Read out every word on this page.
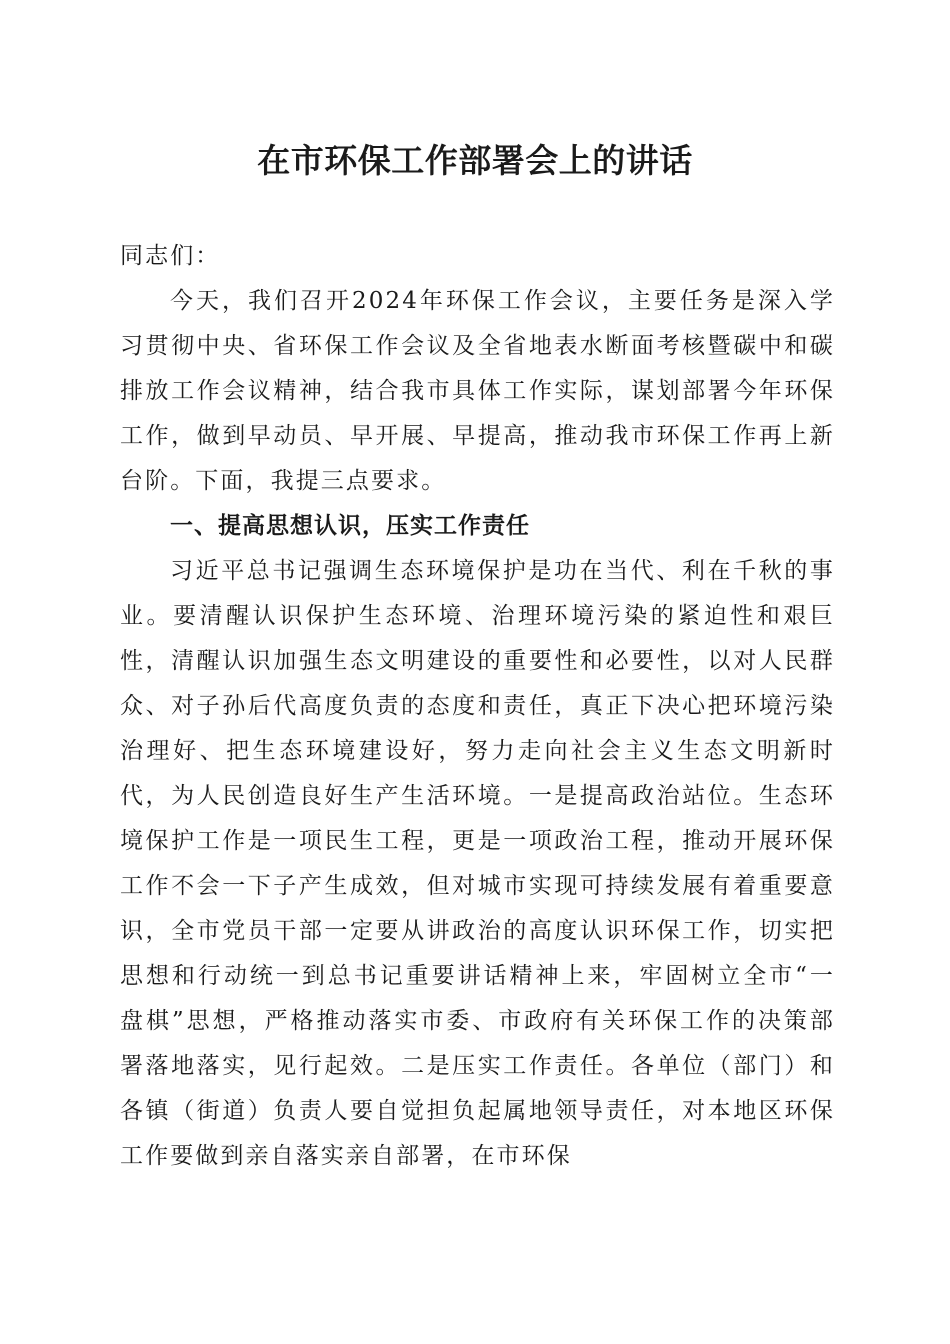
在市环保工作部署会上的讲话

同志们：

今天，我们召开2024年环保工作会议，主要任务是深入学习贯彻中央、省环保工作会议及全省地表水断面考核暨碳中和碳排放工作会议精神，结合我市具体工作实际，谋划部署今年环保工作，做到早动员、早开展、早提高，推动我市环保工作再上新台阶。下面，我提三点要求。

一、提高思想认识，压实工作责任

习近平总书记强调生态环境保护是功在当代、利在千秋的事业。要清醒认识保护生态环境、治理环境污染的紧迫性和艰巨性，清醒认识加强生态文明建设的重要性和必要性，以对人民群众、对子孙后代高度负责的态度和责任，真正下决心把环境污染治理好、把生态环境建设好，努力走向社会主义生态文明新时代，为人民创造良好生产生活环境。一是提高政治站位。生态环境保护工作是一项民生工程，更是一项政治工程，推动开展环保工作不会一下子产生成效，但对城市实现可持续发展有着重要意识，全市党员干部一定要从讲政治的高度认识环保工作，切实把思想和行动统一到总书记重要讲话精神上来，牢固树立全市“一盘棋”思想，严格推动落实市委、市政府有关环保工作的决策部署落地落实，见行起效。二是压实工作责任。各单位（部门）和各镇（街道）负责人要自觉担负起属地领导责任，对本地区环保工作要做到亲自落实亲自部署，在市环保
